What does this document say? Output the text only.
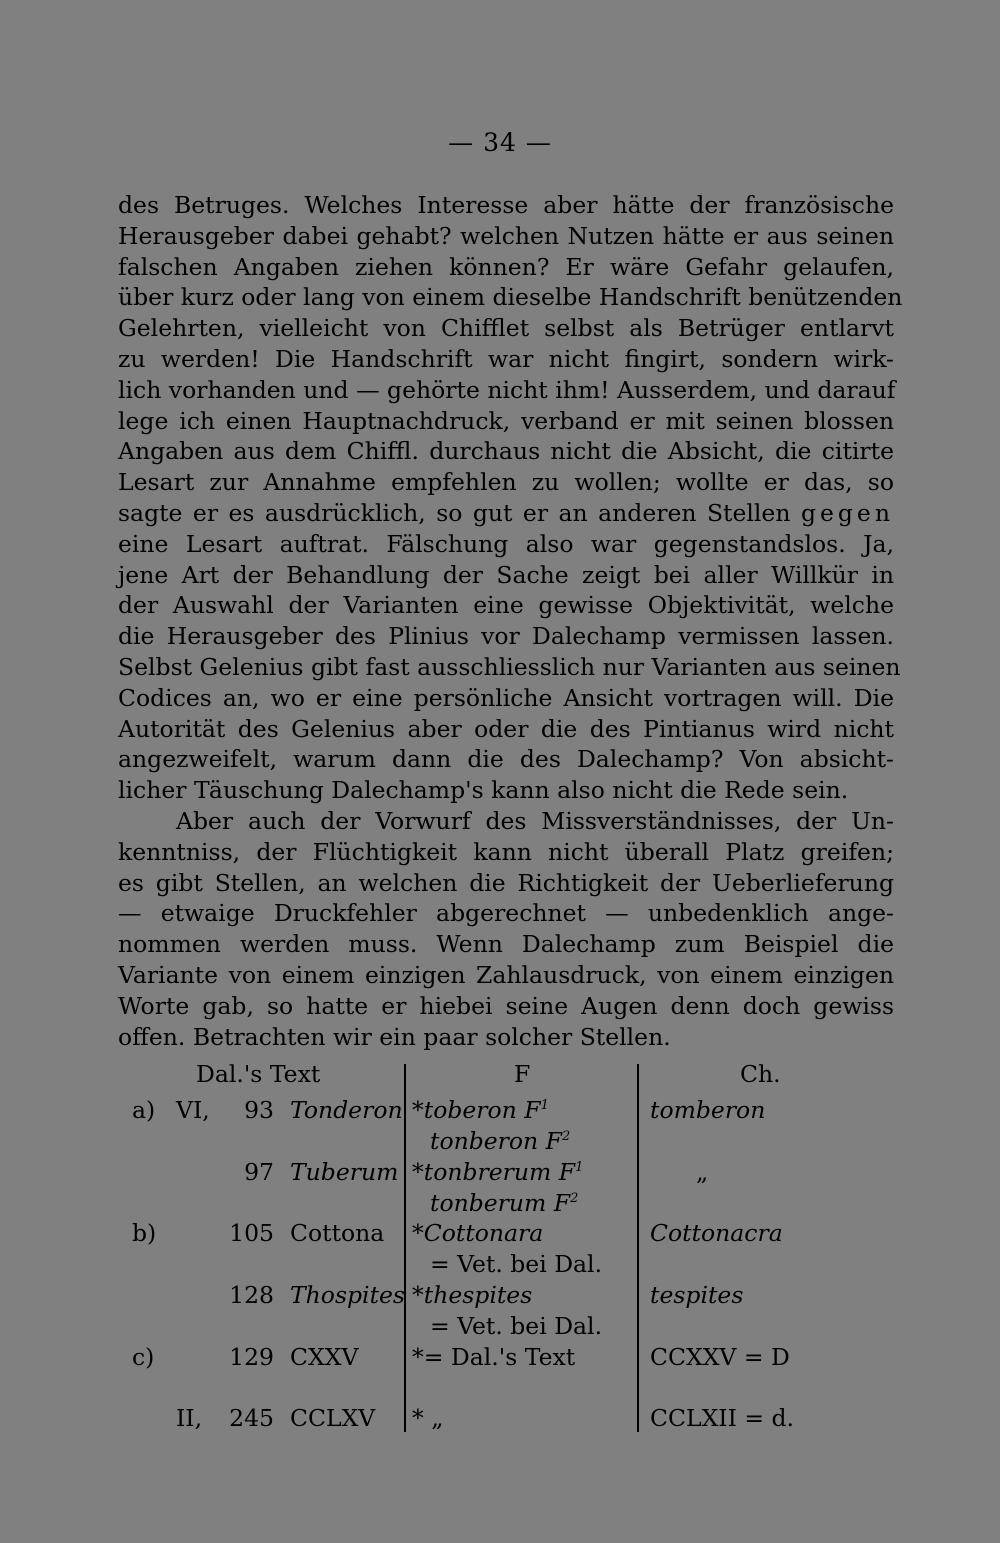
— 34 —
des Betruges. Welches Interesse aber hätte der französische
Herausgeber dabei gehabt? welchen Nutzen hätte er aus seinen
falschen Angaben ziehen können? Er wäre Gefahr gelaufen,
über kurz oder lang von einem dieselbe Handschrift benützenden
Gelehrten, vielleicht von Chifflet selbst als Betrüger entlarvt
zu werden! Die Handschrift war nicht fingirt, sondern wirk-
lich vorhanden und — gehörte nicht ihm! Ausserdem, und darauf
lege ich einen Hauptnachdruck, verband er mit seinen blossen
Angaben aus dem Chiffl. durchaus nicht die Absicht, die citirte
Lesart zur Annahme empfehlen zu wollen; wollte er das, so
sagte er es ausdrücklich, so gut er an anderen Stellen gegen
eine Lesart auftrat. Fälschung also war gegenstandslos. Ja,
jene Art der Behandlung der Sache zeigt bei aller Willkür in
der Auswahl der Varianten eine gewisse Objektivität, welche
die Herausgeber des Plinius vor Dalechamp vermissen lassen.
Selbst Gelenius gibt fast ausschliesslich nur Varianten aus seinen
Codices an, wo er eine persönliche Ansicht vortragen will. Die
Autorität des Gelenius aber oder die des Pintianus wird nicht
angezweifelt, warum dann die des Dalechamp? Von absicht-
licher Täuschung Dalechamp's kann also nicht die Rede sein.
Aber auch der Vorwurf des Missverständnisses, der Un-
kenntniss, der Flüchtigkeit kann nicht überall Platz greifen;
es gibt Stellen, an welchen die Richtigkeit der Ueberlieferung
— etwaige Druckfehler abgerechnet — unbedenklich ange-
nommen werden muss. Wenn Dalechamp zum Beispiel die
Variante von einem einzigen Zahlausdruck, von einem einzigen
Worte gab, so hatte er hiebei seine Augen denn doch gewiss
offen. Betrachten wir ein paar solcher Stellen.
Dal.'s Text	F	Ch.
a) VI,	93 Tonderon *toberon $F^1$	tomberon
tonberon $F^2$
97 Tuberum *tonbrerum $F^1$	„
tonberum $F^2$
b)	105 Cottona *Cottonara	Cottonacra
= Vet. bei Dal.
128 Thospites *thespites	tespites
= Vet. bei Dal.
c)	129 CXXV *= Dal.'s Text	CCXXV = D
II,	245 CCLXV * „	CCLXII = d.
